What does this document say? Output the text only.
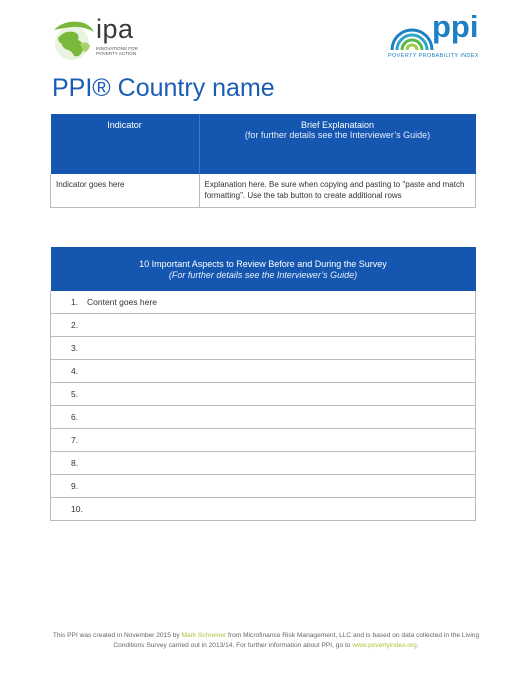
ipa
INNOVATIONS FOR POVERTY ACTION
ppi
POVERTY PROBABILITY INDEX
PPI® Country name
Indicator	Brief Explanataion
(for further details see the Interviewer’s Guide)

Indicator goes here	Explanation here. Be sure when copying and pasting to "paste and match formatting". Use the tab button to create additional rows
10 Important Aspects to Review Before and During the Survey
(For further details see the Interviewer’s Guide)

1. Content goes here
2.
3.
4.
5.
6.
7.
8.
9.
10.
This PPI was created in November 2015 by Mark Schreiner from Microfinance Risk Management, LLC and is based on data collected in the Living Conditions Survey carried out in 2013/14. For further information about PPI, go to www.povertyindex.org.
